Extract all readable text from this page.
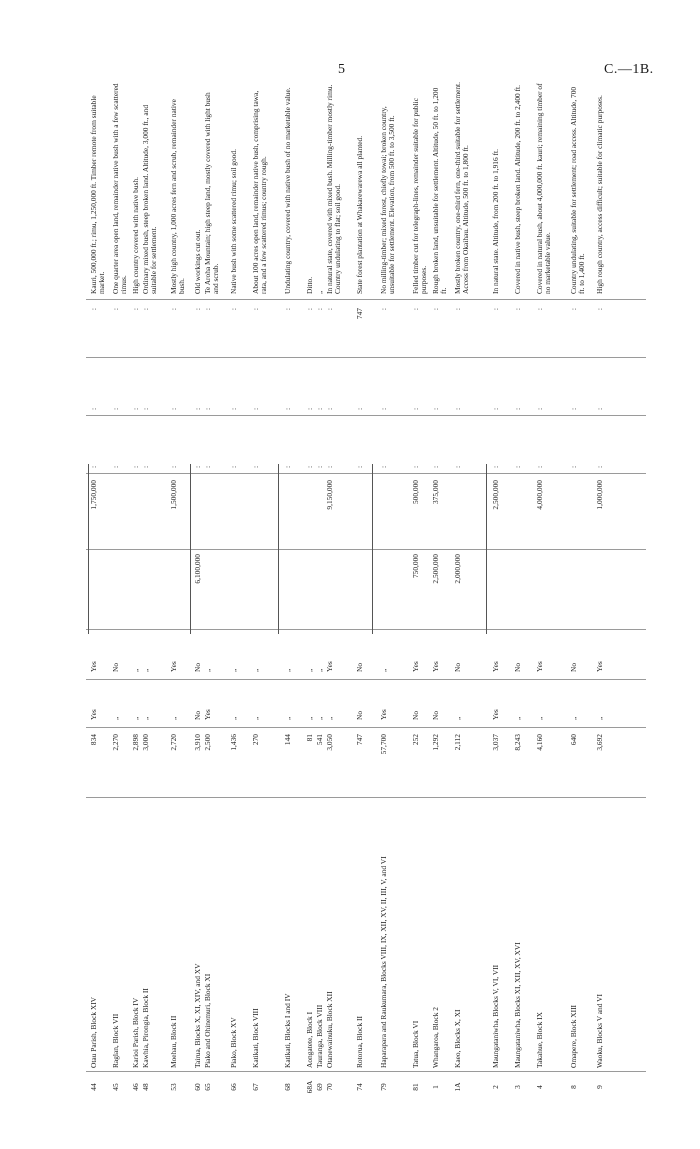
5	C.—1B.
44
Otau Parish, Block XIV
834
Yes
Yes
1,750,000
:
:
:
Kauri, 500,000 ft.; rimu, 1,250,000 ft. Timber remote from suitable market.
45
Raglan, Block VII
2,270
„
No
:
:
:
One quarter area open land, remainder native bush with a few scattered rimus.
46
Karioi Parish, Block IV
2,898
„
„
:
:
:
High country covered with native bush.
48
Kawhia, Pirongia, Block II
3,000
„
„
:
:
:
Ordinary mixed bush, steep broken land. Altitude, 3,000 ft., and suitable for settlement.
53
Moehau, Block II
2,720
„
Yes
1,500,000
:
:
:
Mostly high country, 1,000 acres fern and scrub, remainder native bush.
60
Tairua, Blocks X, XI, XIV, and XV
3,910
No
No
6,100,000
:
:
:
Old workings cut out.
65
Piako and Ohinemuri, Block XI
2,500
Yes
„
:
:
:
Te Aroha Mountain; high steep land, mostly covered with light bush and scrub.
66
Piako, Block XV
1,436
„
„
:
:
:
Native bush with some scattered rimu; soil good.
67
Katikati, Block VIII
270
„
„
:
:
:
About 100 acres open land, remainder native bush, comprising tawa, rata, and a few scattered rimus; country rough.
68
Katikati, Blocks I and IV
144
„
„
:
:
:
Undulating country, covered with native bush of no marketable value.
68A
Aongatete, Block I
81
„
„
:
:
:
Ditto.
69
Tauranga, Block VIII
541
„
„
:
:
:
„
70
Otanewainuku, Block XII
3,050
„
Yes
9,150,000
:
:
:
In natural state, covered with mixed bush. Milling-timber mostly rimu. Country undulating to flat; soil good.
74
Rotorua, Block II
747
No
No
:
:
747
State forest plantation at Whakarewarewa all planted.
79
Haparapara and Raukumara, Blocks VIII, IX, XII, XV, II, III, V, and VI
57,700
Yes
„
:
:
:
No milling-timber; mixed forest, chiefly towai; broken country, unsuitable for settlement. Elevation, from 500 ft. to 3,500 ft.
81
Tatua, Block VI
252
No
Yes
750,000
500,000
:
:
:
Felled timber cut for telegraph-lines, remainder suitable for public purposes.
1
Whangaroa, Block 2
1,292
No
Yes
2,500,000
375,000
:
:
:
Rough broken land, unsuitable for settlement. Altitude, 50 ft. to 1,200 ft.
1A
Kaeo, Blocks X, XI
2,112
„
No
2,000,000
:
:
:
Mostly broken country, one-third fern, one-third suitable for settlement. Access from Okaihau. Altitude, 500 ft. to 1,800 ft.
2
Maungataniwha, Blocks V, VI, VII
3,037
Yes
Yes
2,500,000
:
:
:
In natural state. Altitude, from 200 ft. to 1,916 ft.
3
Maungataniwha, Blocks XI, XII, XV, XVI
8,243
„
No
:
:
:
Covered in native bush, steep broken land. Altitude, 200 ft. to 2,400 ft.
4
Takahue, Block IX
4,160
„
Yes
4,000,000
:
:
:
Covered in natural bush, about 4,000,000 ft. kauri; remaining timber of no marketable value.
8
Omapere, Block XIII
640
„
No
:
:
:
Country undulating, suitable for settlement; road access. Altitude, 700 ft. to 1,400 ft.
9
Waoku, Blocks V and VI
3,692
„
Yes
1,000,000
:
:
:
High rough country, access difficult; suitable for climatic purposes.
